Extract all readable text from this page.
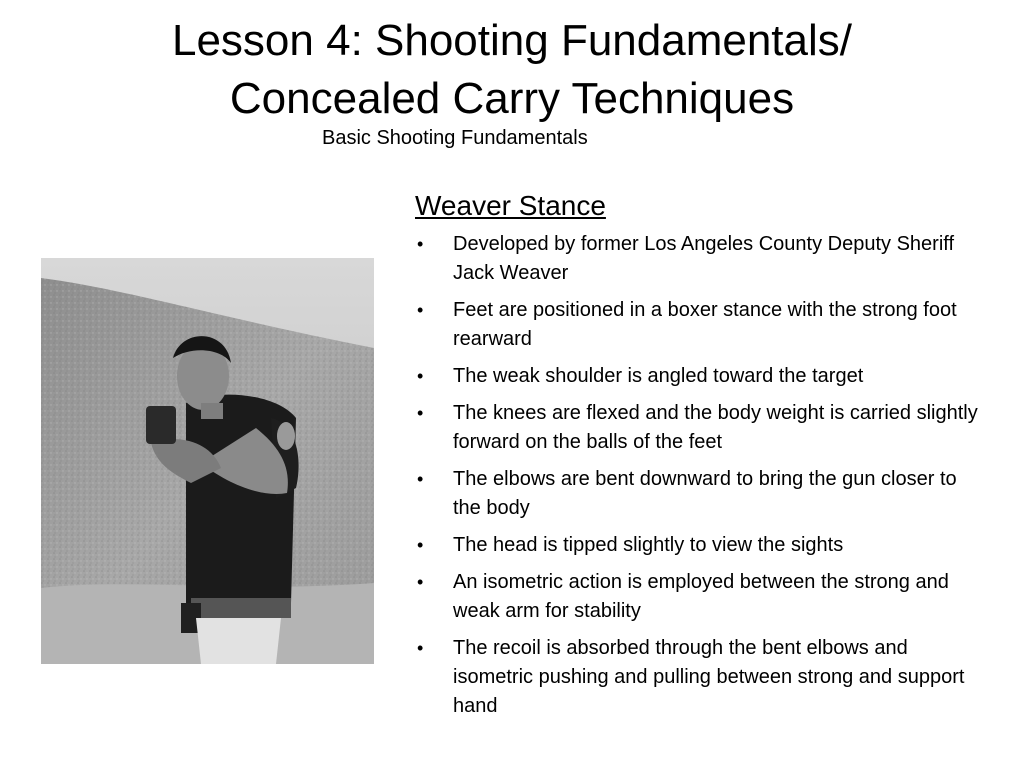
Lesson 4: Shooting Fundamentals/
Concealed Carry Techniques
Basic Shooting Fundamentals
Weaver Stance
• Developed by former Los Angeles County Deputy Sheriff Jack Weaver
• Feet are positioned in a boxer stance with the strong foot rearward
• The weak shoulder is angled toward the target
• The knees are flexed and the body weight is carried slightly forward on the balls of the feet
• The elbows are bent downward to bring the gun closer to the body
• The head is tipped slightly to view the sights
• An isometric action is employed between the strong and weak arm for stability
• The recoil is absorbed through the bent elbows and isometric pushing and pulling between strong and support hand
